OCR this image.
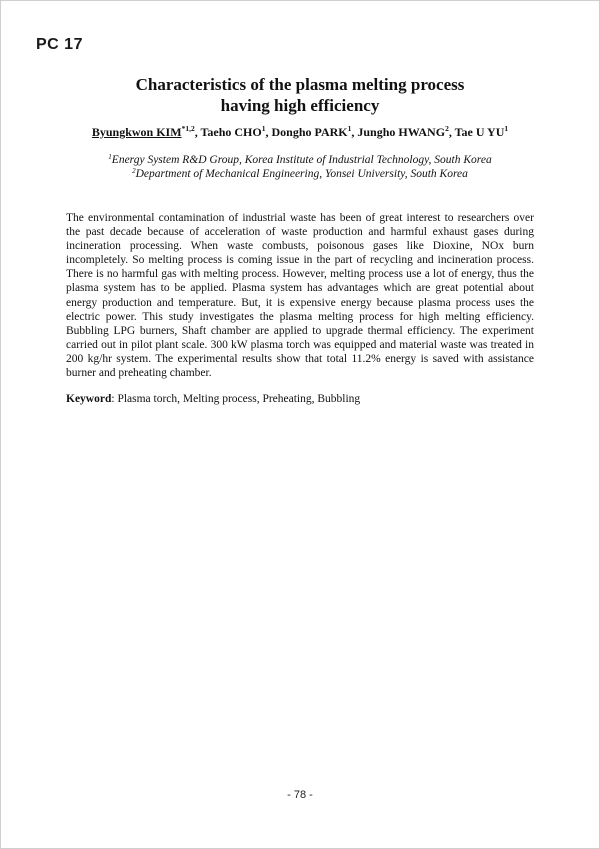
PC 17
Characteristics of the plasma melting process
having high efficiency
Byungkwon KIM$^{*1,2}$, Taeho CHO$^1$, Dongho PARK$^1$, Jungho HWANG$^2$, Tae U $YU^1$
$^1$Energy System R&D Group, Korea Institute of Industrial Technology, South Korea
$^2$Department of Mechanical Engineering, Yonsei University, South Korea

The environmental contamination of industrial waste has been of great interest to researchers over the past decade because of acceleration of waste production and harmful exhaust gases during incineration processing. When waste combusts, poisonous gases like Dioxine, NOx burn incompletely. So melting process is coming issue in the part of recycling and incineration process. There is no harmful gas with melting process. However, melting process use a lot of energy, thus the plasma system has to be applied. Plasma system has advantages which are great potential about energy production and temperature. But, it is expensive energy because plasma process uses the electric power. This study investigates the plasma melting process for high melting efficiency. Bubbling LPG burners, Shaft chamber are applied to upgrade thermal efficiency. The experiment carried out in pilot plant scale. 300 kW plasma torch was equipped and material waste was treated in 200 kg/hr system. The experimental results show that total 11.2% energy is saved with assistance burner and preheating chamber.

Keyword: Plasma torch, Melting process, Preheating, Bubbling

- 78 -
